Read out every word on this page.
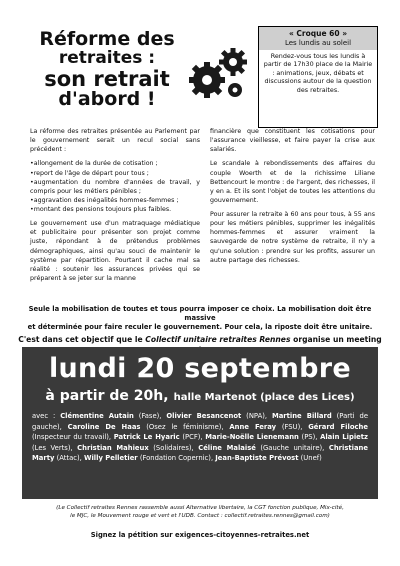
Réforme des
retraites :
son retrait
d'abord !
« Croque 60 »
Les lundis au soleil
Rendez-vous tous les lundis à partir de 17h30 place de la Mairie : animations, jeux, débats et discussions autour de la question des retraites.

La réforme des retraites présentée au Parlement par le gouvernement serait un recul social sans précédent :

• allongement de la durée de cotisation ;
• report de l'âge de départ pour tous ;
• augmentation du nombre d'années de travail, y compris pour les métiers pénibles ;
• aggravation des inégalités hommes-femmes ;
• montant des pensions toujours plus faibles.

Le gouvernement use d'un matraquage médiatique et publicitaire pour présenter son projet comme juste, répondant à de prétendus problèmes démographiques, ainsi qu'au souci de maintenir le système par répartition. Pourtant il cache mal sa réalité : soutenir les assurances privées qui se préparent à se jeter sur la manne

financière que constituent les cotisations pour l'assurance vieillesse, et faire payer la crise aux salariés.

Le scandale à rebondissements des affaires du couple Woerth et de la richissime Liliane Bettencourt le montre : de l'argent, des richesses, il y en a. Et ils sont l'objet de toutes les attentions du gouvernement.

Pour assurer la retraite à 60 ans pour tous, à 55 ans pour les métiers pénibles, supprimer les inégalités hommes-femmes et assurer vraiment la sauvegarde de notre système de retraite, il n'y a qu'une solution : prendre sur les profits, assurer un autre partage des richesses.

Seule la mobilisation de toutes et tous pourra imposer ce choix. La mobilisation doit être massive
et déterminée pour faire reculer le gouvernement. Pour cela, la riposte doit être unitaire.
C'est dans cet objectif que le Collectif unitaire retraites Rennes organise un meeting
lundi 20 septembre
à partir de 20h, halle Martenot (place des Lices)
avec : Clémentine Autain (Fase), Olivier Besancenot (NPA), Martine Billard (Parti de gauche), Caroline De Haas (Osez le féminisme), Anne Feray (FSU), Gérard Filoche (Inspecteur du travail), Patrick Le Hyaric (PCF), Marie-Noëlle Lienemann (PS), Alain Lipietz (Les Verts), Christian Mahieux (Solidaires), Céline Malaisé (Gauche unitaire), Christiane Marty (Attac), Willy Pelletier (Fondation Copernic), Jean-Baptiste Prévost (Unef)
(Le Collectif retraites Rennes rassemble aussi Alternative libertaire, la CGT fonction publique, Mix-cité,
le MJC, le Mouvement rouge et vert et l'UDB. Contact : collectif.retraites.rennes@gmail.com)
Signez la pétition sur exigences-citoyennes-retraites.net
